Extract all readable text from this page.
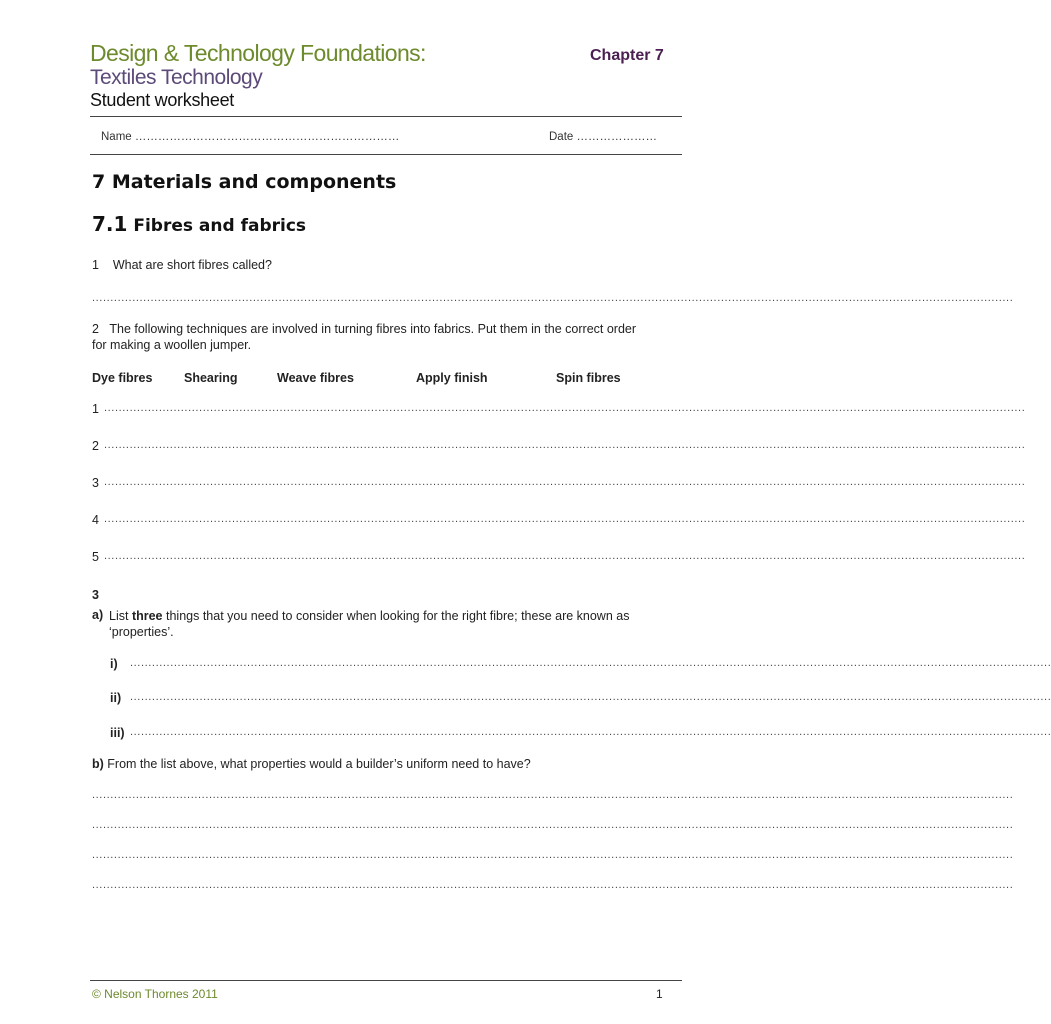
Design & Technology Foundations:
Textiles Technology
Student worksheet
Chapter 7
Name ……………………………………………………………	Date …………………
7 Materials and components
7.1 Fibres and fabrics
1 What are short fibres called?
............................................................................................................................................................................................................................................................
2 The following techniques are involved in turning fibres into fabrics. Put them in the correct order for making a woollen jumper.
Dye fibres	Shearing	Weave fibres	Apply finish	Spin fibres
1 ............................................................................................................................................................................................................................................................
2 ............................................................................................................................................................................................................................................................
3 ............................................................................................................................................................................................................................................................
4 ............................................................................................................................................................................................................................................................
5 ............................................................................................................................................................................................................................................................
3
a) List three things that you need to consider when looking for the right fibre; these are known as ‘properties’.
i) ............................................................................................................................................................................................................................................................
ii) ............................................................................................................................................................................................................................................................
iii) ............................................................................................................................................................................................................................................................
b) From the list above, what properties would a builder’s uniform need to have?
............................................................................................................................................................................................................................................................
............................................................................................................................................................................................................................................................
............................................................................................................................................................................................................................................................
............................................................................................................................................................................................................................................................
© Nelson Thornes 2011	1
